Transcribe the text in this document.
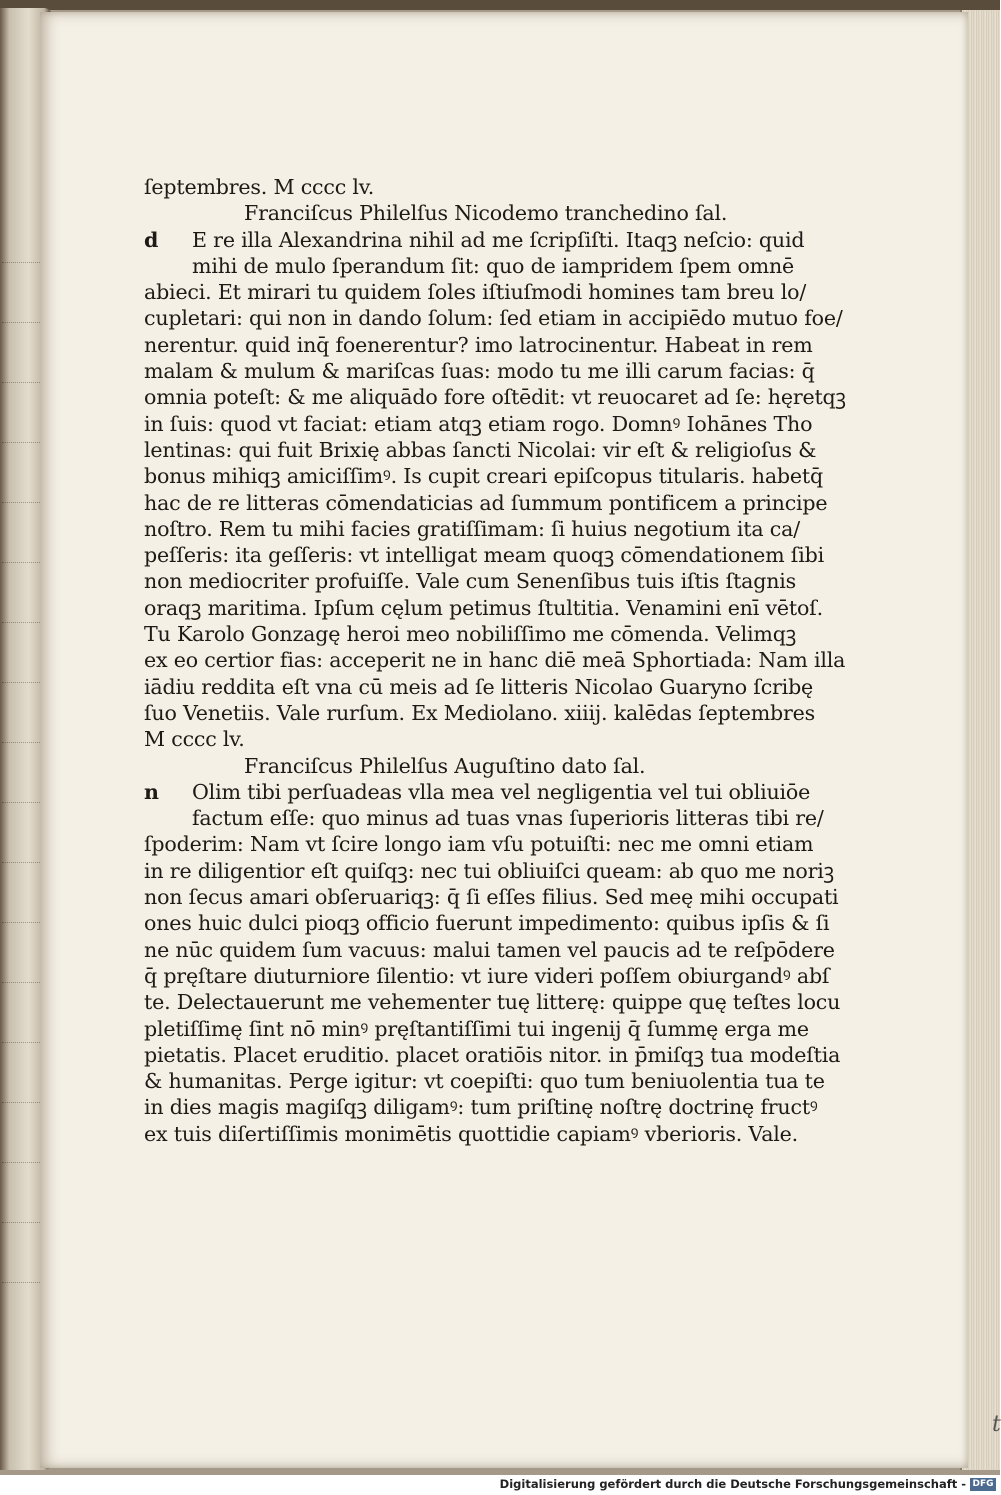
ſeptembres. M cccc lv.
Franciſcus Philelſus Nicodemo tranchedino ſal.
d E re illa Alexandrina nihil ad me ſcripſiſti. Itaqꝫ neſcio: quid
mihi de mulo ſperandum ſit: quo de iampridem ſpem omnē
abieci. Et mirari tu quidem ſoles iſtiuſmodi homines tam breu lo/
cupletari: qui non in dando ſolum: ſed etiam in accipiēdo mutuo foe/
nerentur. quid inq̄ foenerentur? imo latrocinentur. Habeat in rem
malam & mulum & mariſcas ſuas: modo tu me illi carum facias: q̄
omnia poteſt: & me aliquādo fore oſtēdit: vt reuocaret ad ſe: hęretqꝫ
in ſuis: quod vt faciat: etiam atqꝫ etiam rogo. Domnꝰ Iohānes Tho
lentinas: qui fuit Brixię abbas ſancti Nicolai: vir eſt & religioſus &
bonus mihiqꝫ amiciſſimꝰ. Is cupit creari epiſcopus titularis. habetq̄
hac de re litteras cōmendaticias ad ſummum pontificem a principe
noſtro. Rem tu mihi facies gratiſſimam: ſi huius negotium ita ca/
peſſeris: ita geſſeris: vt intelligat meam quoqꝫ cōmendationem ſibi
non mediocriter profuiſſe. Vale cum Senenſibus tuis iſtis ſtagnis
oraqꝫ maritima. Ipſum cęlum petimus ſtultitia. Venamini enī vētoſ.
Tu Karolo Gonzagę heroi meo nobiliſſimo me cōmenda. Velimqꝫ
ex eo certior fias: acceperit ne in hanc diē meā Sphortiada: Nam illa
iādiu reddita eſt vna cū meis ad ſe litteris Nicolao Guaryno ſcribę
ſuo Venetiis. Vale rurſum. Ex Mediolano. xiiij. kalēdas ſeptembres
M cccc lv.
Franciſcus Philelſus Auguſtino dato ſal.
n Olim tibi perſuadeas vlla mea vel negligentia vel tui obliuiōe
factum eſſe: quo minus ad tuas vnas ſuperioris litteras tibi re/
ſpoderim: Nam vt ſcire longo iam vſu potuiſti: nec me omni etiam
in re diligentior eſt quiſqꝫ: nec tui obliuiſci queam: ab quo me noriꝫ
non ſecus amari obſeruariqꝫ: q̄ ſi eſſes filius. Sed meę mihi occupati
ones huic dulci pioqꝫ officio fuerunt impedimento: quibus ipſis & ſi
ne nūc quidem ſum vacuus: malui tamen vel paucis ad te reſpōdere
q̄ pręſtare diuturniore ſilentio: vt iure videri poſſem obiurgandꝰ abſ
te. Delectauerunt me vehementer tuę litterę: quippe quę teſtes locu
pletiſſimę ſint nō minꝰ pręſtantiſſimi tui ingenij q̄ ſummę erga me
pietatis. Placet eruditio. placet oratiōis nitor. in p̄miſqꝫ tua modeſtia
& humanitas. Perge igitur: vt coepiſti: quo tum beniuolentia tua te
in dies magis magiſqꝫ diligamꝰ: tum priſtinę noſtrę doctrinę fructꝰ
ex tuis diſertiſſimis monimētis quottidie capiamꝰ vberioris. Vale.
t
Digitalisierung gefördert durch die Deutsche Forschungsgemeinschaft - DFG
